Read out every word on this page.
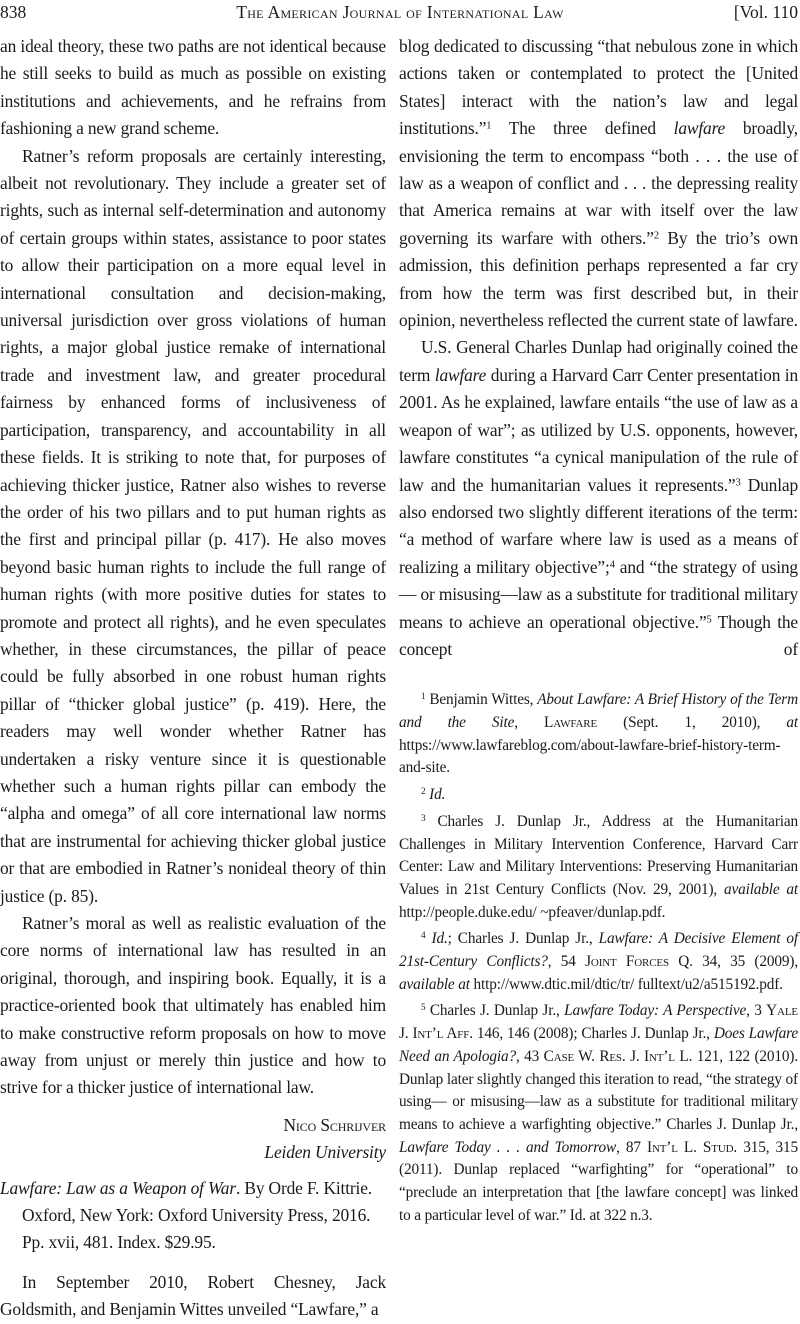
838	The American Journal of International Law	[Vol. 110

an ideal theory, these two paths are not identical because he still seeks to build as much as possible on existing institutions and achievements, and he refrains from fashioning a new grand scheme.

Ratner’s reform proposals are certainly interesting, albeit not revolutionary. They include a greater set of rights, such as internal self-determination and autonomy of certain groups within states, assistance to poor states to allow their participation on a more equal level in international consultation and decision-making, universal jurisdiction over gross violations of human rights, a major global justice remake of international trade and investment law, and greater procedural fairness by enhanced forms of inclusiveness of participation, transparency, and accountability in all these fields. It is striking to note that, for purposes of achieving thicker justice, Ratner also wishes to reverse the order of his two pillars and to put human rights as the first and principal pillar (p. 417). He also moves beyond basic human rights to include the full range of human rights (with more positive duties for states to promote and protect all rights), and he even speculates whether, in these circumstances, the pillar of peace could be fully absorbed in one robust human rights pillar of “thicker global justice” (p. 419). Here, the readers may well wonder whether Ratner has undertaken a risky venture since it is questionable whether such a human rights pillar can embody the “alpha and omega” of all core international law norms that are instrumental for achieving thicker global justice or that are embodied in Ratner’s nonideal theory of thin justice (p. 85).

Ratner’s moral as well as realistic evaluation of the core norms of international law has resulted in an original, thorough, and inspiring book. Equally, it is a practice-oriented book that ultimately has enabled him to make constructive reform proposals on how to move away from unjust or merely thin justice and how to strive for a thicker justice of international law.

Nico Schrijver

Leiden University

Lawfare: Law as a Weapon of War. By Orde F. Kittrie. Oxford, New York: Oxford University Press, 2016. Pp. xvii, 481. Index. $29.95.

In September 2010, Robert Chesney, Jack Goldsmith, and Benjamin Wittes unveiled “Lawfare,” a

blog dedicated to discussing “that nebulous zone in which actions taken or contemplated to protect the [United States] interact with the nation’s law and legal institutions.”$^1$ The three defined lawfare broadly, envisioning the term to encompass “both . . . the use of law as a weapon of conflict and . . . the depressing reality that America remains at war with itself over the law governing its warfare with others.”$^2$ By the trio’s own admission, this definition perhaps represented a far cry from how the term was first described but, in their opinion, nevertheless reflected the current state of lawfare.

U.S. General Charles Dunlap had originally coined the term lawfare during a Harvard Carr Center presentation in 2001. As he explained, lawfare entails “the use of law as a weapon of war”; as utilized by U.S. opponents, however, lawfare constitutes “a cynical manipulation of the rule of law and the humanitarian values it represents.”$^3$ Dunlap also endorsed two slightly different iterations of the term: “a method of warfare where law is used as a means of realizing a military objective”;$^4$ and “the strategy of using— or misusing—law as a substitute for traditional military means to achieve an operational objective.”$^5$ Though the concept of

$^1$ Benjamin Wittes, About Lawfare: A Brief History of the Term and the Site, Lawfare (Sept. 1, 2010), at https://www.lawfareblog.com/about-lawfare-brief-history-term-and-site.

$^2$ Id.

$^3$ Charles J. Dunlap Jr., Address at the Humanitarian Challenges in Military Intervention Conference, Harvard Carr Center: Law and Military Interventions: Preserving Humanitarian Values in 21st Century Conflicts (Nov. 29, 2001), available at http://people.duke.edu/ ~pfeaver/dunlap.pdf.

$^4$ Id.; Charles J. Dunlap Jr., Lawfare: A Decisive Element of 21st-Century Conflicts?, 54 Joint Forces Q. 34, 35 (2009), available at http://www.dtic.mil/dtic/tr/ fulltext/u2/a515192.pdf.

$^5$ Charles J. Dunlap Jr., Lawfare Today: A Perspective, 3 Yale J. Int’l Aff. 146, 146 (2008); Charles J. Dunlap Jr., Does Lawfare Need an Apologia?, 43 Case W. Res. J. Int’l L. 121, 122 (2010). Dunlap later slightly changed this iteration to read, “the strategy of using— or misusing—law as a substitute for traditional military means to achieve a warfighting objective.” Charles J. Dunlap Jr., Lawfare Today . . . and Tomorrow, 87 Int’l L. Stud. 315, 315 (2011). Dunlap replaced “warfighting” for “operational” to “preclude an interpretation that [the lawfare concept] was linked to a particular level of war.” Id. at 322 n.3.
